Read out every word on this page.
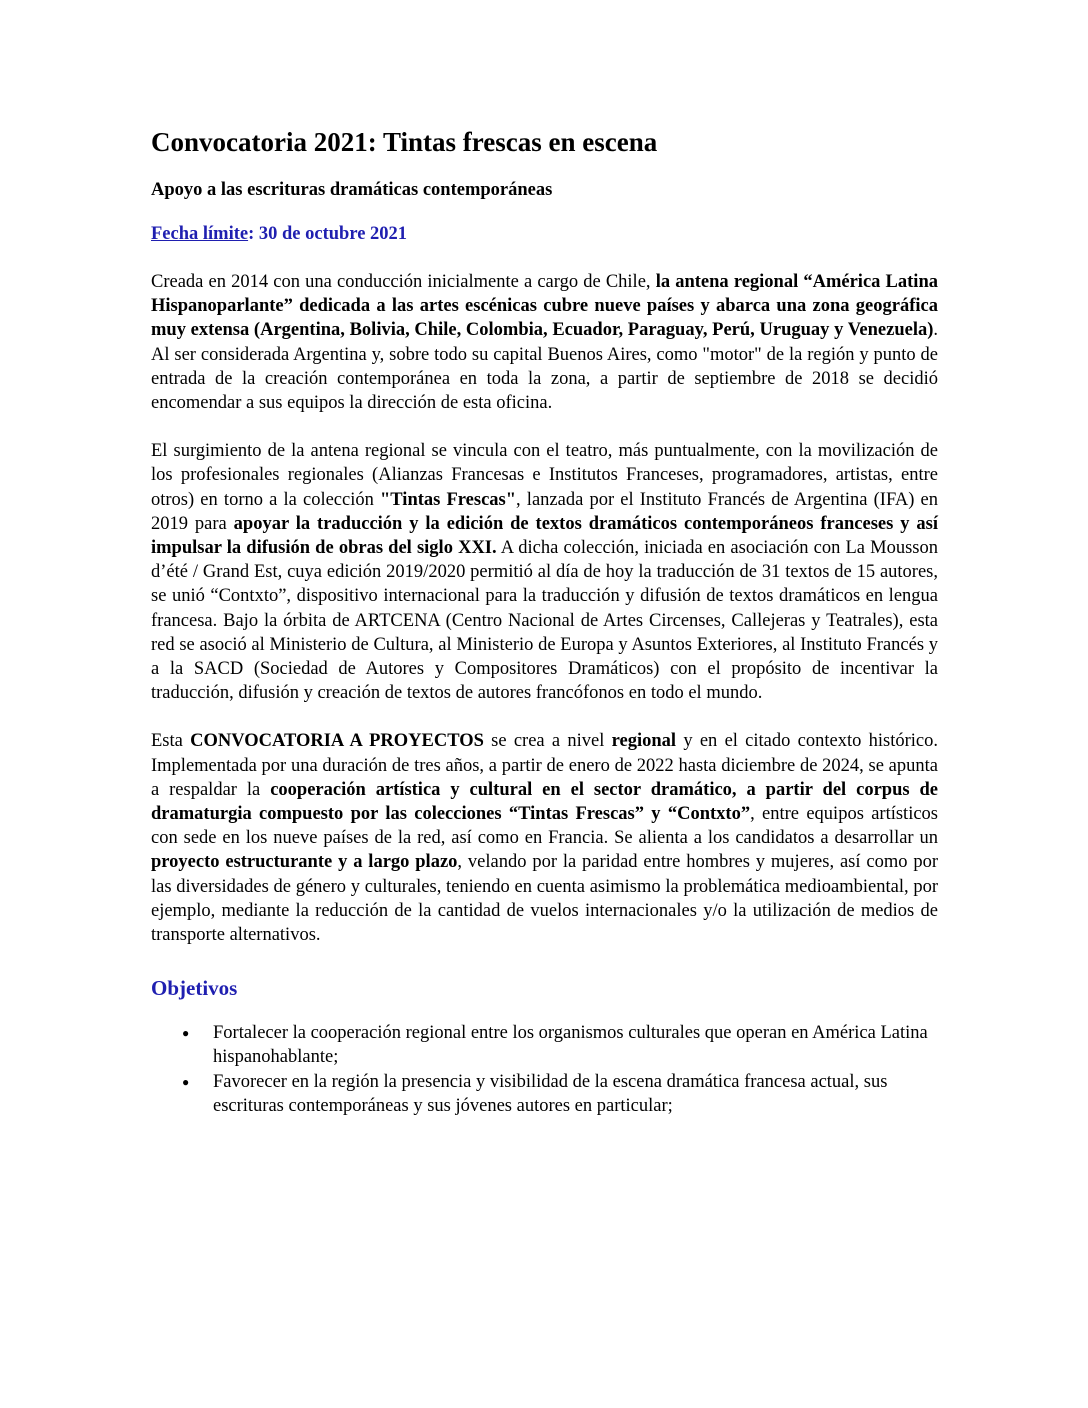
Convocatoria 2021: Tintas frescas en escena
Apoyo a las escrituras dramáticas contemporáneas
Fecha límite: 30 de octubre 2021

Creada en 2014 con una conducción inicialmente a cargo de Chile, la antena regional “América Latina Hispanoparlante” dedicada a las artes escénicas cubre nueve países y abarca una zona geográfica muy extensa (Argentina, Bolivia, Chile, Colombia, Ecuador, Paraguay, Perú, Uruguay y Venezuela). Al ser considerada Argentina y, sobre todo su capital Buenos Aires, como "motor" de la región y punto de entrada de la creación contemporánea en toda la zona, a partir de septiembre de 2018 se decidió encomendar a sus equipos la dirección de esta oficina.

El surgimiento de la antena regional se vincula con el teatro, más puntualmente, con la movilización de los profesionales regionales (Alianzas Francesas e Institutos Franceses, programadores, artistas, entre otros) en torno a la colección "Tintas Frescas", lanzada por el Instituto Francés de Argentina (IFA) en 2019 para apoyar la traducción y la edición de textos dramáticos contemporáneos franceses y así impulsar la difusión de obras del siglo XXI. A dicha colección, iniciada en asociación con La Mousson d’été / Grand Est, cuya edición 2019/2020 permitió al día de hoy la traducción de 31 textos de 15 autores, se unió “Contxto”, dispositivo internacional para la traducción y difusión de textos dramáticos en lengua francesa. Bajo la órbita de ARTCENA (Centro Nacional de Artes Circenses, Callejeras y Teatrales), esta red se asoció al Ministerio de Cultura, al Ministerio de Europa y Asuntos Exteriores, al Instituto Francés y a la SACD (Sociedad de Autores y Compositores Dramáticos) con el propósito de incentivar la traducción, difusión y creación de textos de autores francófonos en todo el mundo.

Esta CONVOCATORIA A PROYECTOS se crea a nivel regional y en el citado contexto histórico. Implementada por una duración de tres años, a partir de enero de 2022 hasta diciembre de 2024, se apunta a respaldar la cooperación artística y cultural en el sector dramático, a partir del corpus de dramaturgia compuesto por las colecciones “Tintas Frescas” y “Contxto”, entre equipos artísticos con sede en los nueve países de la red, así como en Francia. Se alienta a los candidatos a desarrollar un proyecto estructurante y a largo plazo, velando por la paridad entre hombres y mujeres, así como por las diversidades de género y culturales, teniendo en cuenta asimismo la problemática medioambiental, por ejemplo, mediante la reducción de la cantidad de vuelos internacionales y/o la utilización de medios de transporte alternativos.

Objetivos
● Fortalecer la cooperación regional entre los organismos culturales que operan en América Latina hispanohablante;
● Favorecer en la región la presencia y visibilidad de la escena dramática francesa actual, sus escrituras contemporáneas y sus jóvenes autores en particular;
